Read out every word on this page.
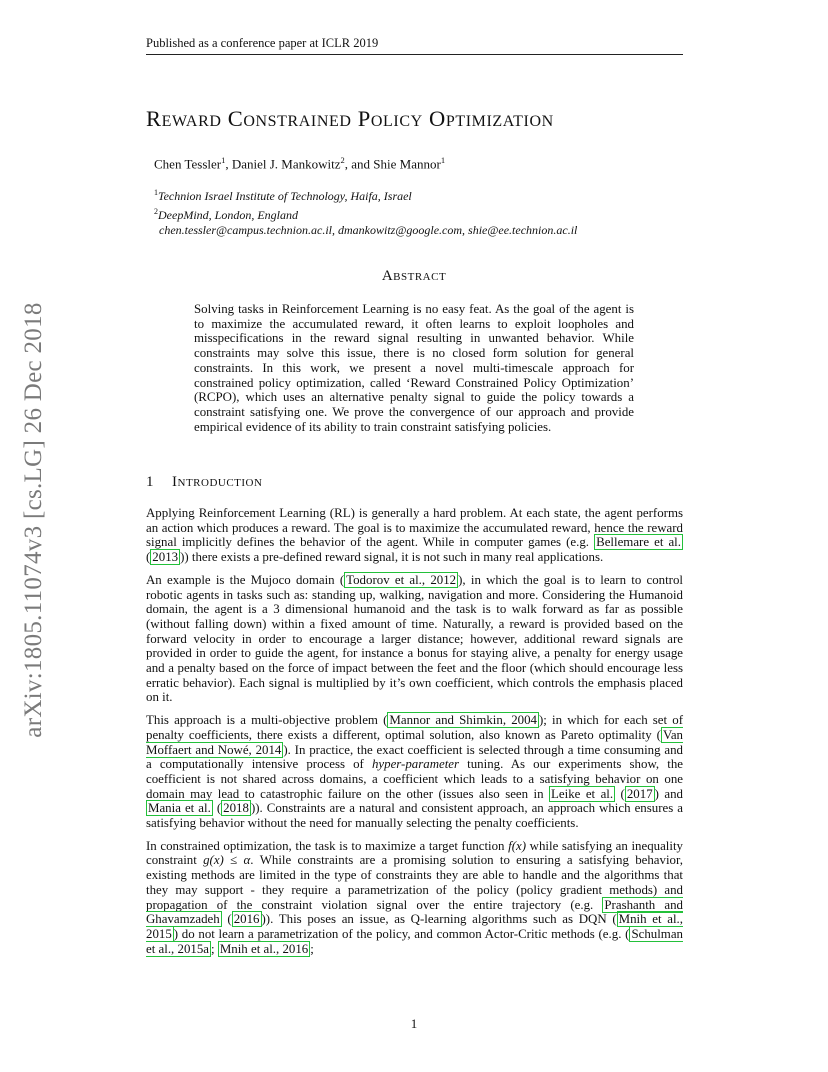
Published as a conference paper at ICLR 2019
arXiv:1805.11074v3 [cs.LG] 26 Dec 2018
Reward Constrained Policy Optimization
Chen Tessler$^1$, Daniel J. Mankowitz$^2$, and Shie Mannor$^1$
$^1$Technion Israel Institute of Technology, Haifa, Israel
$^2$DeepMind, London, England
chen.tessler@campus.technion.ac.il, dmankowitz@google.com, shie@ee.technion.ac.il
Abstract
Solving tasks in Reinforcement Learning is no easy feat. As the goal of the agent is to maximize the accumulated reward, it often learns to exploit loopholes and misspecifications in the reward signal resulting in unwanted behavior. While constraints may solve this issue, there is no closed form solution for general constraints. In this work, we present a novel multi-timescale approach for constrained policy optimization, called ‘Reward Constrained Policy Optimization’ (RCPO), which uses an alternative penalty signal to guide the policy towards a constraint satisfying one. We prove the convergence of our approach and provide empirical evidence of its ability to train constraint satisfying policies.
1 Introduction

Applying Reinforcement Learning (RL) is generally a hard problem. At each state, the agent performs an action which produces a reward. The goal is to maximize the accumulated reward, hence the reward signal implicitly defines the behavior of the agent. While in computer games (e.g. Bellemare et al. ( 2013 )) there exists a pre-defined reward signal, it is not such in many real applications.

An example is the Mujoco domain ( Todorov et al., 2012 ), in which the goal is to learn to control robotic agents in tasks such as: standing up, walking, navigation and more. Considering the Humanoid domain, the agent is a 3 dimensional humanoid and the task is to walk forward as far as possible (without falling down) within a fixed amount of time. Naturally, a reward is provided based on the forward velocity in order to encourage a larger distance; however, additional reward signals are provided in order to guide the agent, for instance a bonus for staying alive, a penalty for energy usage and a penalty based on the force of impact between the feet and the floor (which should encourage less erratic behavior). Each signal is multiplied by it’s own coefficient, which controls the emphasis placed on it.

This approach is a multi-objective problem ( Mannor and Shimkin, 2004 ); in which for each set of penalty coefficients, there exists a different, optimal solution, also known as Pareto optimality ( Van Moffaert and Nowé, 2014 ). In practice, the exact coefficient is selected through a time consuming and a computationally intensive process of hyper-parameter tuning. As our experiments show, the coefficient is not shared across domains, a coefficient which leads to a satisfying behavior on one domain may lead to catastrophic failure on the other (issues also seen in Leike et al. ( 2017 ) and Mania et al. ( 2018 )). Constraints are a natural and consistent approach, an approach which ensures a satisfying behavior without the need for manually selecting the penalty coefficients.

In constrained optimization, the task is to maximize a target function f(x) while satisfying an inequality constraint g(x) ≤ α. While constraints are a promising solution to ensuring a satisfying behavior, existing methods are limited in the type of constraints they are able to handle and the algorithms that they may support - they require a parametrization of the policy (policy gradient methods) and propagation of the constraint violation signal over the entire trajectory (e.g. Prashanth and Ghavamzadeh ( 2016 )). This poses an issue, as Q-learning algorithms such as DQN ( Mnih et al., 2015 ) do not learn a parametrization of the policy, and common Actor-Critic methods (e.g. ( Schulman et al., 2015a ; Mnih et al., 2016 ;

1
